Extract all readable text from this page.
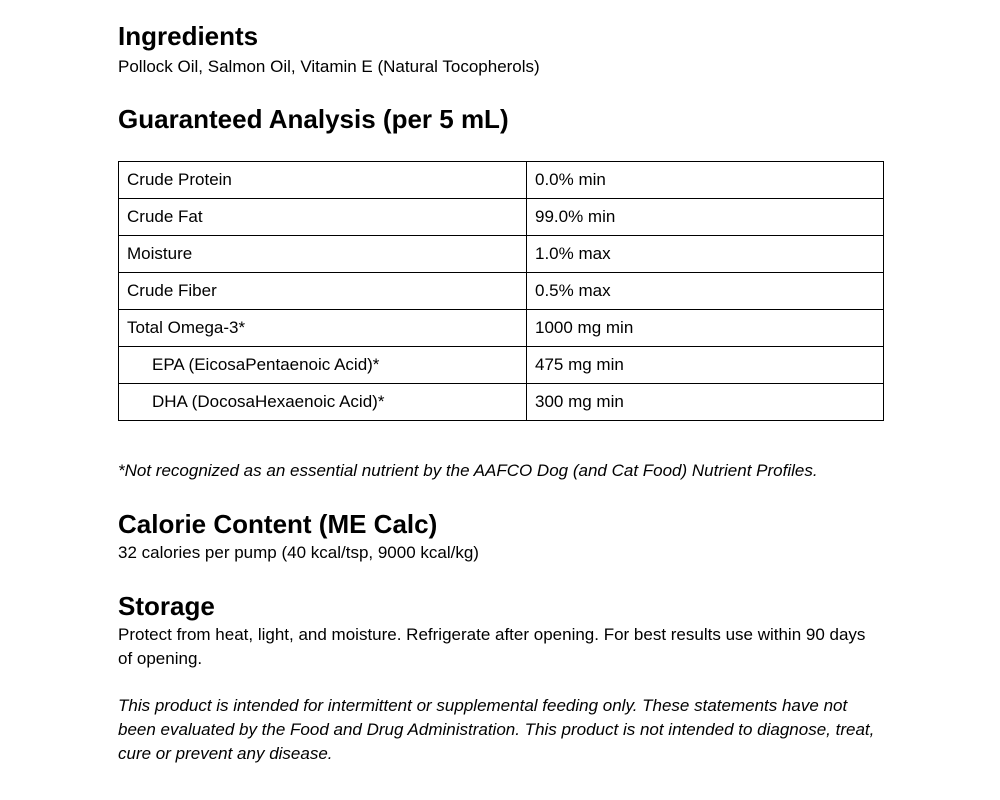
Ingredients

Pollock Oil, Salmon Oil, Vitamin E (Natural Tocopherols)

Guaranteed Analysis (per 5 mL)
Crude Protein	0.0% min
Crude Fat	99.0% min
Moisture	1.0% max
Crude Fiber	0.5% max
Total Omega-3*	1000 mg min
EPA (EicosaPentaenoic Acid)*	475 mg min
DHA (DocosaHexaenoic Acid)*	300 mg min

*Not recognized as an essential nutrient by the AAFCO Dog (and Cat Food) Nutrient Profiles.

Calorie Content (ME Calc)

32 calories per pump (40 kcal/tsp, 9000 kcal/kg)

Storage

Protect from heat, light, and moisture. Refrigerate after opening. For best results use within 90 days of opening.

This product is intended for intermittent or supplemental feeding only. These statements have not been evaluated by the Food and Drug Administration. This product is not intended to diagnose, treat, cure or prevent any disease.
